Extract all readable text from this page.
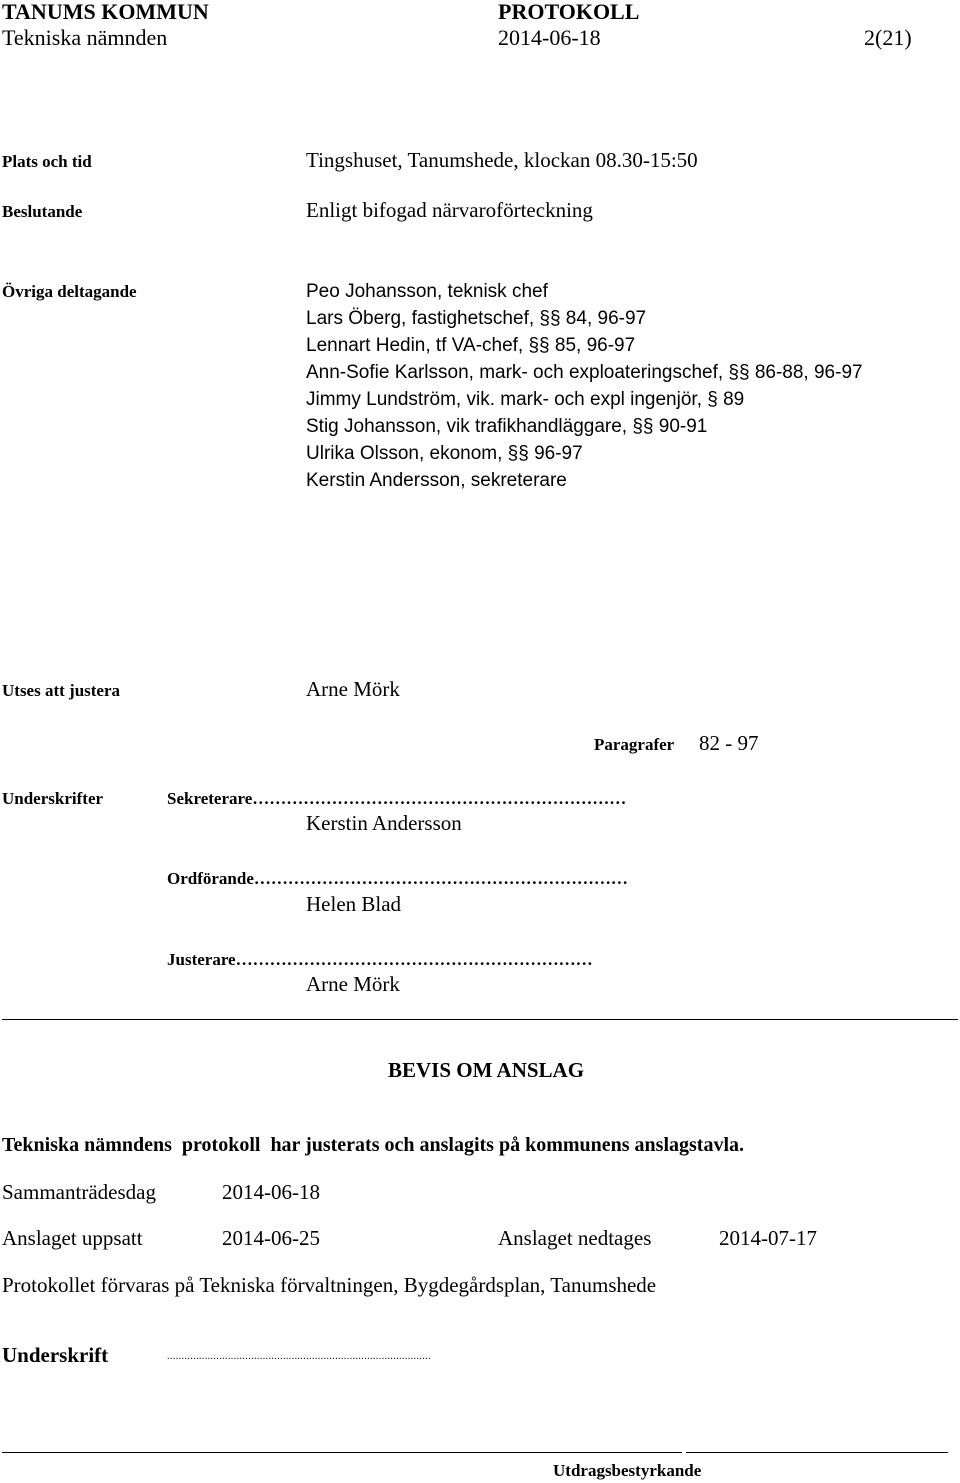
TANUMS KOMMUN	PROTOKOLL
Tekniska nämnden	2014-06-18	2(21)
Plats och tid	Tingshuset, Tanumshede, klockan 08.30-15:50
Beslutande	Enligt bifogad närvaroförteckning
Övriga deltagande	Peo Johansson, teknisk chef
Lars Öberg, fastighetschef, §§ 84, 96-97
Lennart Hedin, tf VA-chef, §§ 85, 96-97
Ann-Sofie Karlsson, mark- och exploateringschef, §§ 86-88, 96-97
Jimmy Lundström, vik. mark- och expl ingenjör, § 89
Stig Johansson, vik trafikhandläggare, §§ 90-91
Ulrika Olsson, ekonom, §§ 96-97
Kerstin Andersson, sekreterare
Utses att justera	Arne Mörk
Paragrafer 82 - 97
Underskrifter	Sekreterare…………………………………………………………
Kerstin Andersson
Ordförande…………………………………………………………
Helen Blad
Justerare………………………………………………………
Arne Mörk
BEVIS OM ANSLAG
Tekniska nämndens  protokoll  har justerats och anslagits på kommunens anslagstavla.
Sammanträdesdag	2014-06-18
Anslaget uppsatt	2014-06-25	Anslaget nedtages	2014-07-17
Protokollet förvaras på Tekniska förvaltningen, Bygdegårdsplan, Tanumshede
Underskrift	...........................................................................................
Utdragsbestyrkande
